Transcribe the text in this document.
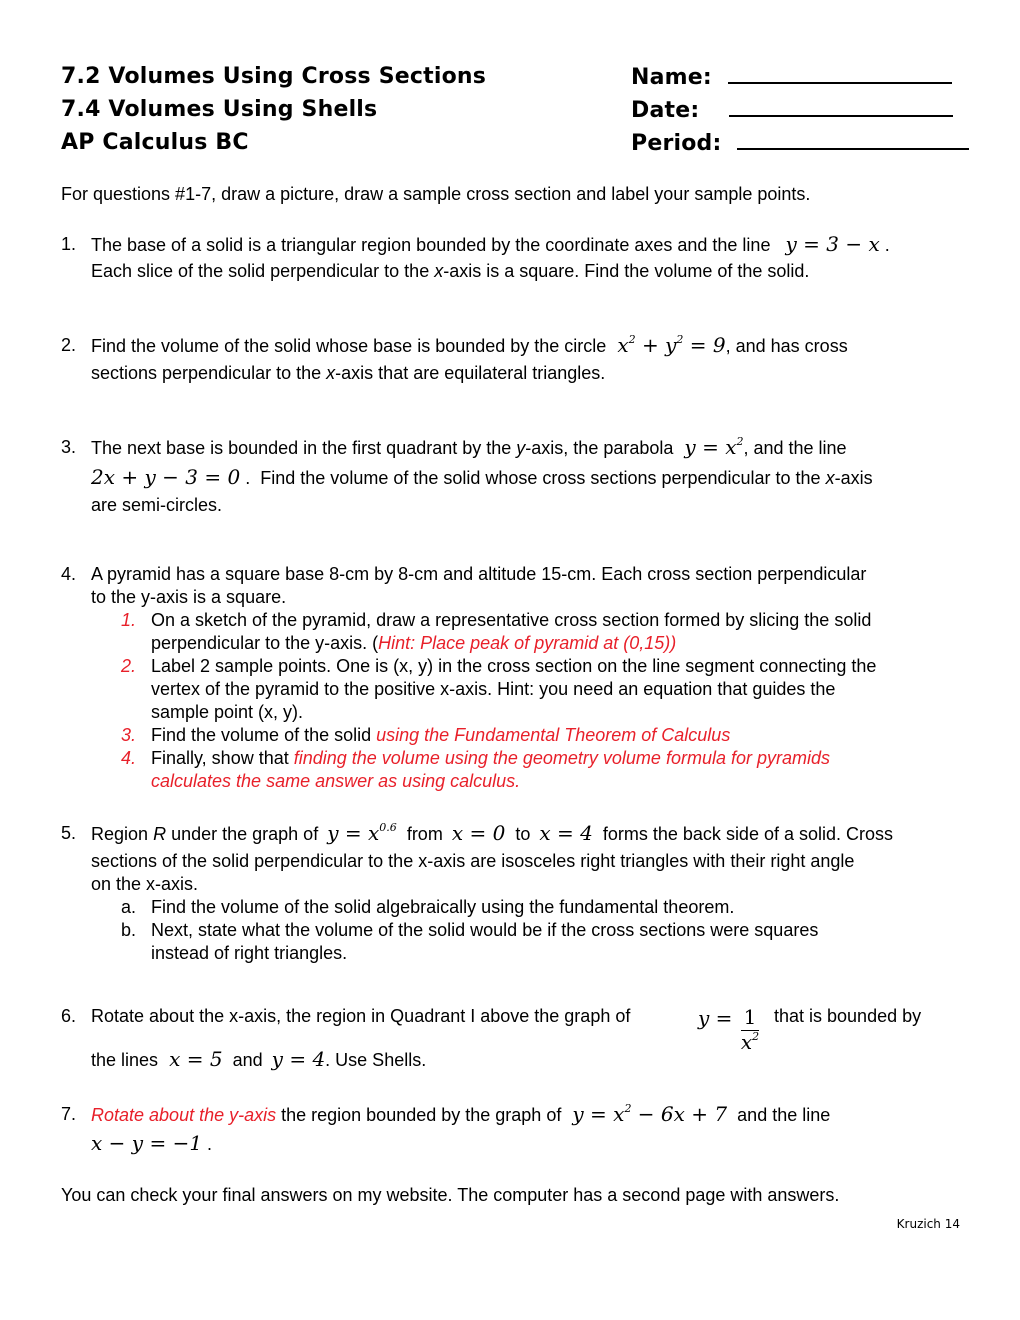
7.2 Volumes Using Cross Sections
7.4 Volumes Using Shells
AP Calculus BC
Name:
Date:
Period:
For questions #1-7, draw a picture, draw a sample cross section and label your sample points.
1. The base of a solid is a triangular region bounded by the coordinate axes and the line y = 3 − x .
Each slice of the solid perpendicular to the x-axis is a square. Find the volume of the solid.
2. Find the volume of the solid whose base is bounded by the circle $x^2 + y^2 = 9$, and has cross
sections perpendicular to the x-axis that are equilateral triangles.
3. The next base is bounded in the first quadrant by the y-axis, the parabola $y = x^2$, and the line
2x + y − 3 = 0 .  Find the volume of the solid whose cross sections perpendicular to the x-axis
are semi-circles.
4. A pyramid has a square base 8-cm by 8-cm and altitude 15-cm. Each cross section perpendicular
to the y-axis is a square.
1. On a sketch of the pyramid, draw a representative cross section formed by slicing the solid
perpendicular to the y-axis. (Hint: Place peak of pyramid at (0,15))
2. Label 2 sample points. One is (x, y) in the cross section on the line segment connecting the
vertex of the pyramid to the positive x-axis. Hint: you need an equation that guides the
sample point (x, y).
3. Find the volume of the solid using the Fundamental Theorem of Calculus
4. Finally, show that finding the volume using the geometry volume formula for pyramids
calculates the same answer as using calculus.
5. Region R under the graph of $y = x^{0.6}$ from x = 0 to x = 4 forms the back side of a solid. Cross
sections of the solid perpendicular to the x-axis are isosceles right triangles with their right angle
on the x-axis.
a. Find the volume of the solid algebraically using the fundamental theorem.
b. Next, state what the volume of the solid would be if the cross sections were squares
instead of right triangles.
6. Rotate about the x-axis, the region in Quadrant I above the graph of	$y = \frac{1}{x^2}$ that is bounded by
the lines x = 5 and y = 4. Use Shells.
7. Rotate about the y-axis the region bounded by the graph of $y = x^2 - 6x + 7$ and the line
x − y = −1 .
You can check your final answers on my website. The computer has a second page with answers.
Kruzich 14
